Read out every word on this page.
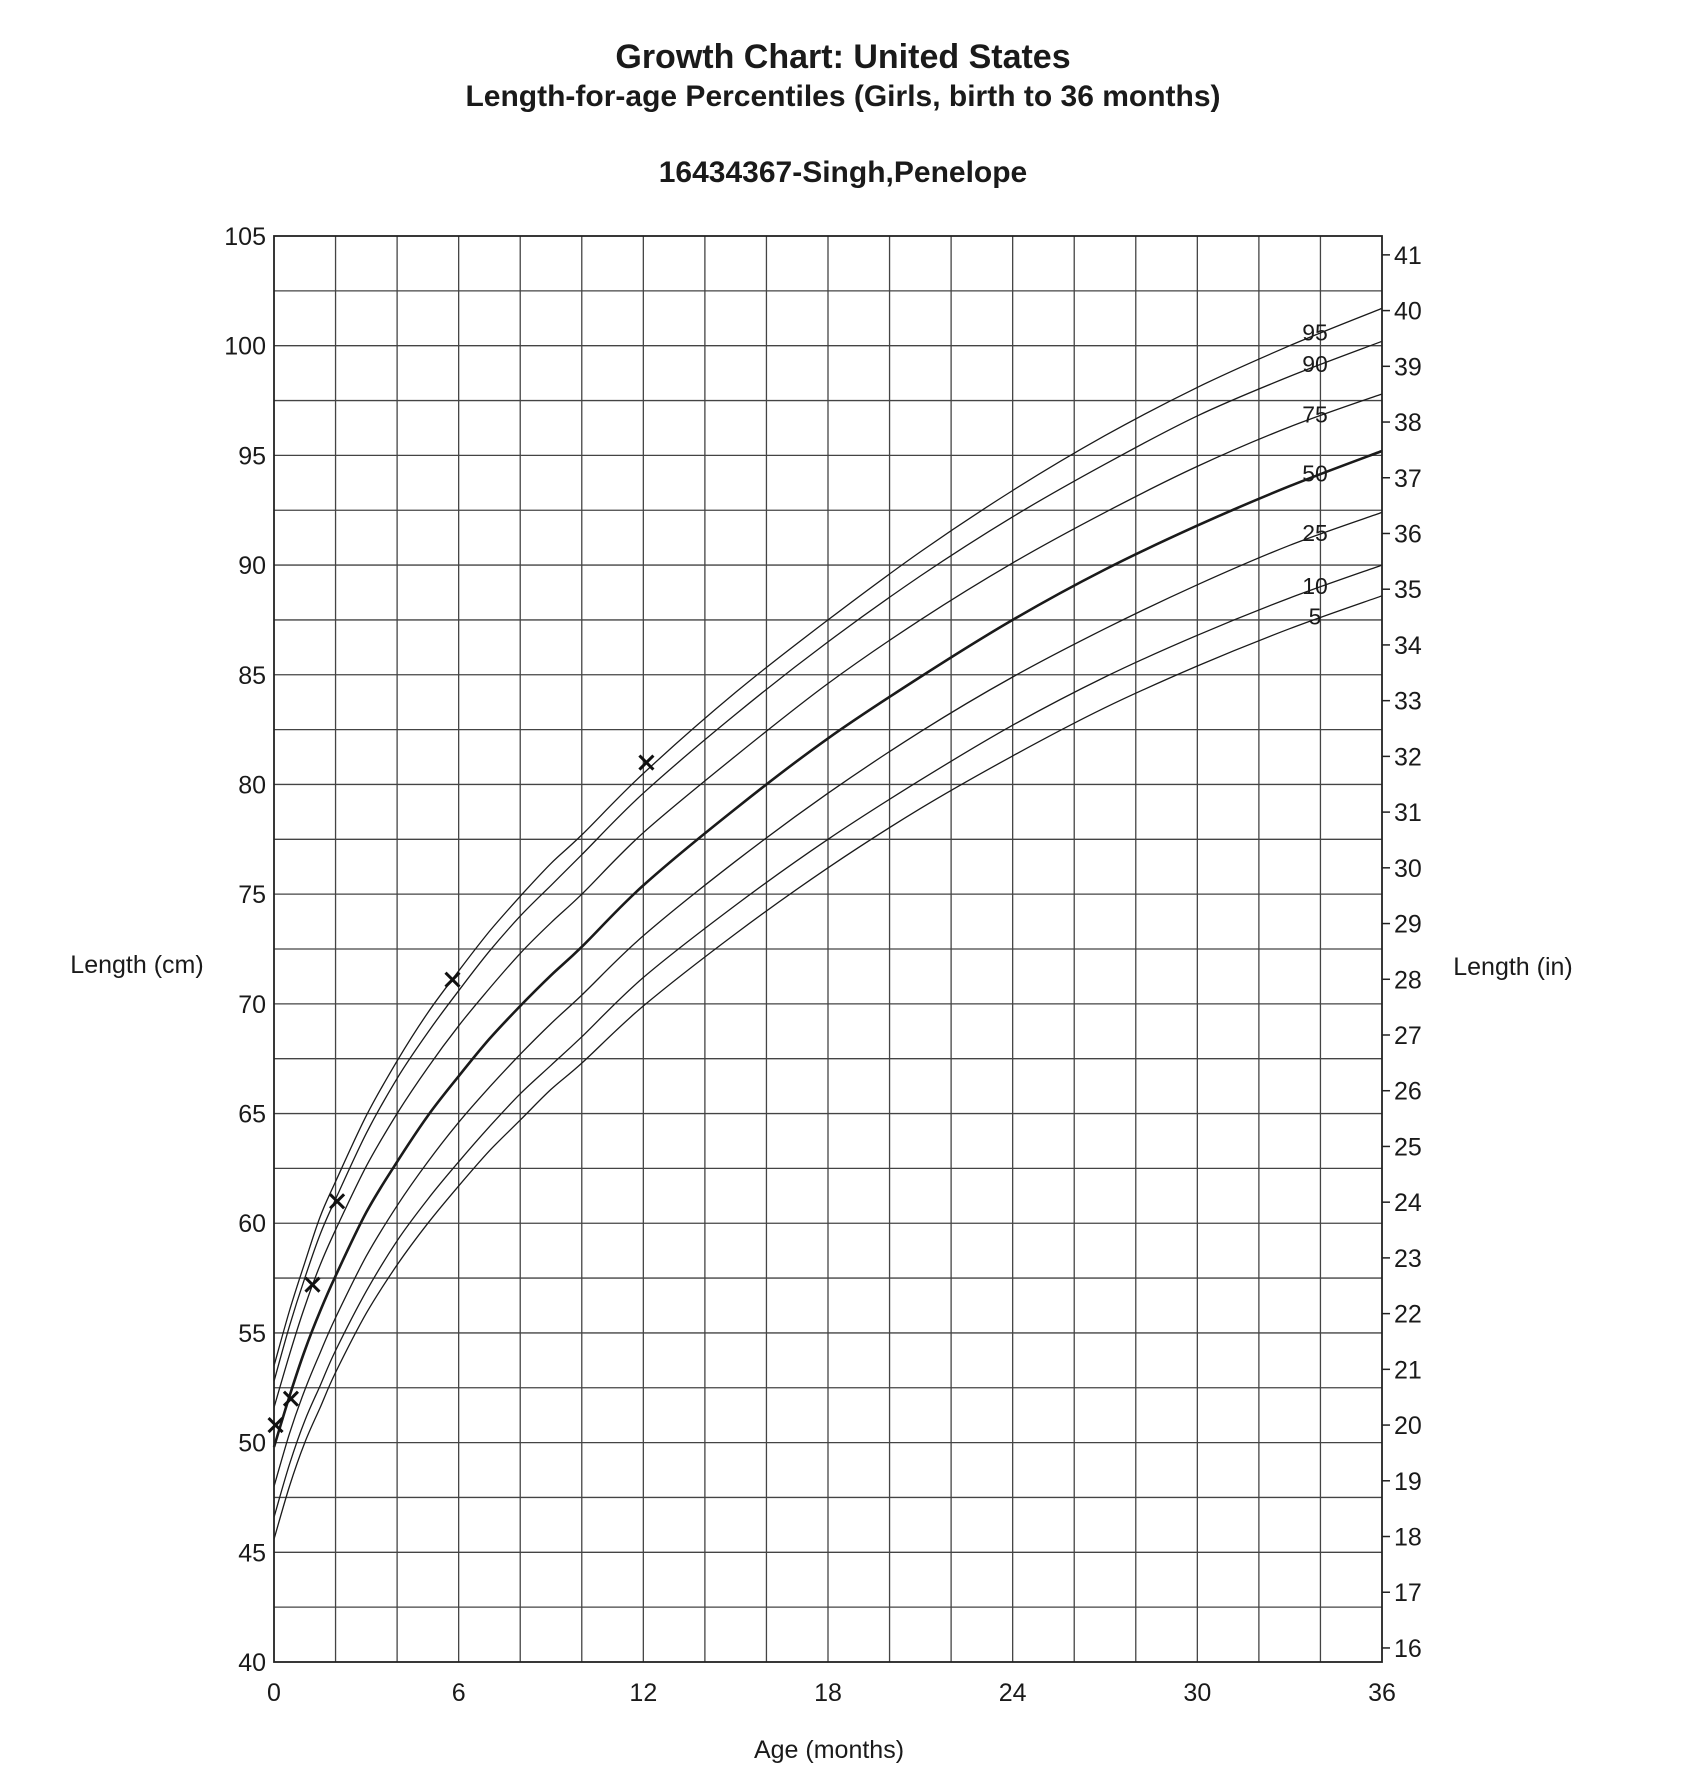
Growth Chart: United States
Length-for-age Percentiles (Girls, birth to 36 months)
16434367-Singh,Penelope
95
90
75
50
25
10
5
40
45
50
55
60
65
70
75
80
85
90
95
100
105
16
17
18
19
20
21
22
23
24
25
26
27
28
29
30
31
32
33
34
35
36
37
38
39
40
41
0	6	12	18	24	30	36
Length (cm)	Length (in)
Age (months)
